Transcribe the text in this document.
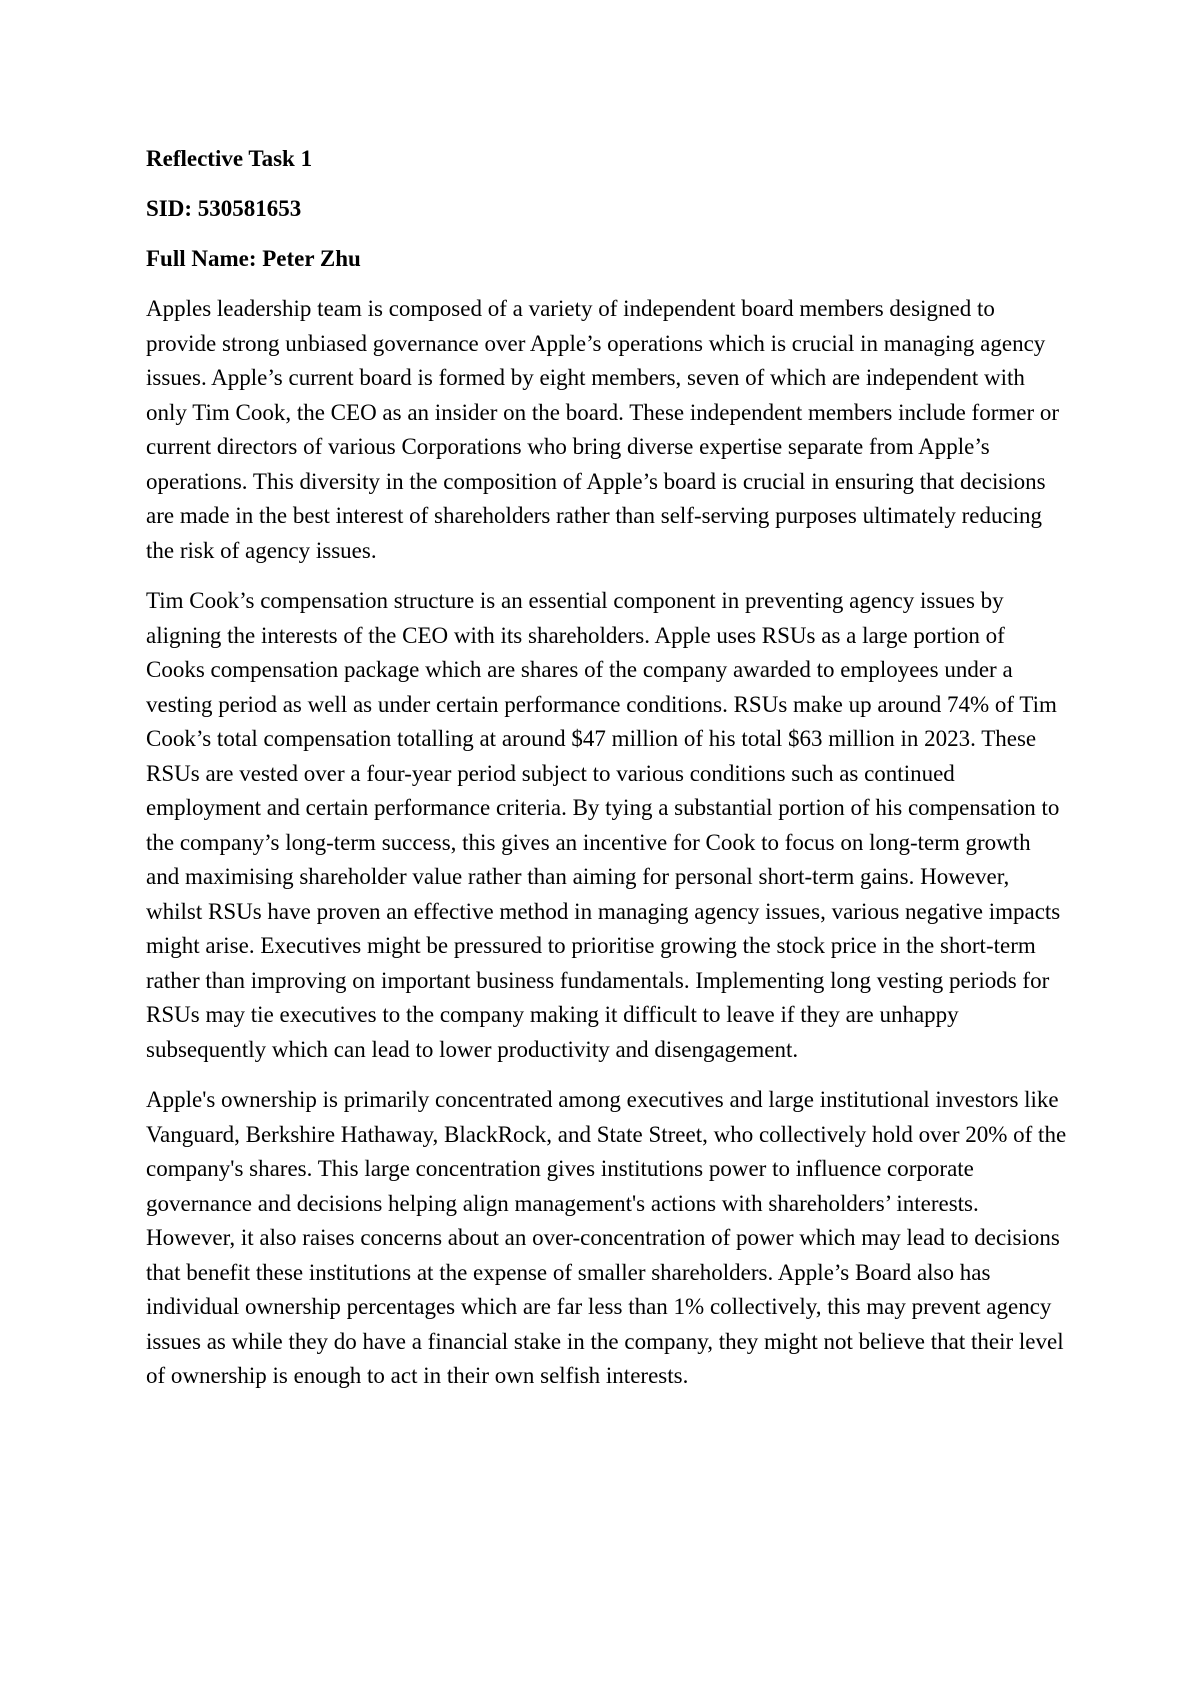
Reflective Task 1

SID: 530581653

Full Name: Peter Zhu

Apples leadership team is composed of a variety of independent board members designed to provide strong unbiased governance over Apple’s operations which is crucial in managing agency issues. Apple’s current board is formed by eight members, seven of which are independent with only Tim Cook, the CEO as an insider on the board. These independent members include former or current directors of various Corporations who bring diverse expertise separate from Apple’s operations. This diversity in the composition of Apple’s board is crucial in ensuring that decisions are made in the best interest of shareholders rather than self-serving purposes ultimately reducing the risk of agency issues.

Tim Cook’s compensation structure is an essential component in preventing agency issues by aligning the interests of the CEO with its shareholders. Apple uses RSUs as a large portion of Cooks compensation package which are shares of the company awarded to employees under a vesting period as well as under certain performance conditions. RSUs make up around 74% of Tim Cook’s total compensation totalling at around $47 million of his total $63 million in 2023. These RSUs are vested over a four-year period subject to various conditions such as continued employment and certain performance criteria. By tying a substantial portion of his compensation to the company’s long-term success, this gives an incentive for Cook to focus on long-term growth and maximising shareholder value rather than aiming for personal short-term gains. However, whilst RSUs have proven an effective method in managing agency issues, various negative impacts might arise. Executives might be pressured to prioritise growing the stock price in the short-term rather than improving on important business fundamentals. Implementing long vesting periods for RSUs may tie executives to the company making it difficult to leave if they are unhappy subsequently which can lead to lower productivity and disengagement.

Apple's ownership is primarily concentrated among executives and large institutional investors like Vanguard, Berkshire Hathaway, BlackRock, and State Street, who collectively hold over 20% of the company's shares. This large concentration gives institutions power to influence corporate governance and decisions helping align management's actions with shareholders’ interests. However, it also raises concerns about an over-concentration of power which may lead to decisions that benefit these institutions at the expense of smaller shareholders. Apple’s Board also has individual ownership percentages which are far less than 1% collectively, this may prevent agency issues as while they do have a financial stake in the company, they might not believe that their level of ownership is enough to act in their own selfish interests.
